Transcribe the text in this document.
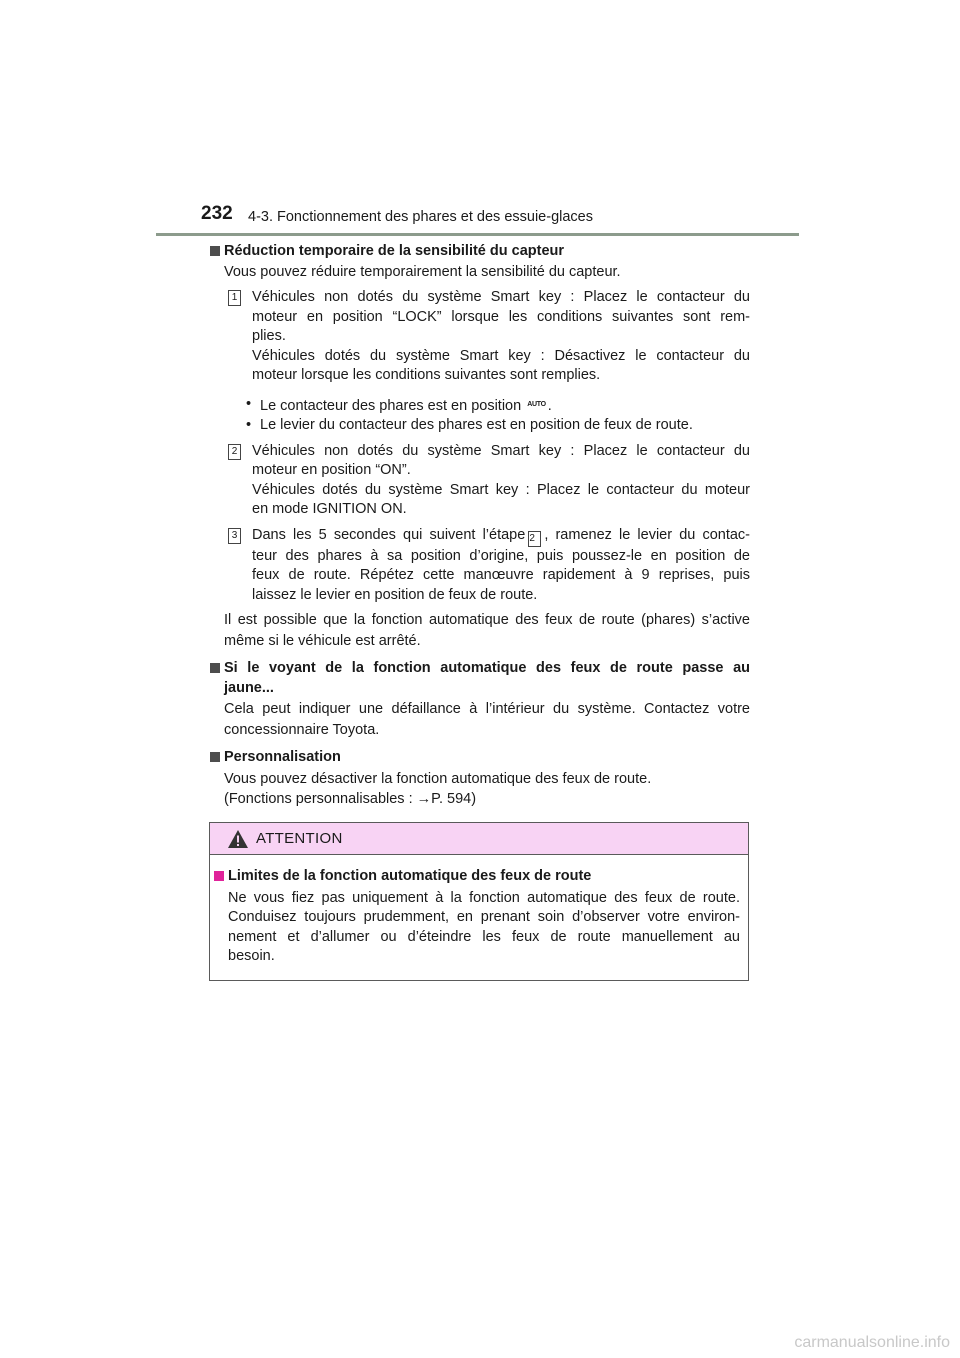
232 4-3. Fonctionnement des phares et des essuie-glaces
Réduction temporaire de la sensibilité du capteur
Vous pouvez réduire temporairement la sensibilité du capteur.
1 Véhicules non dotés du système Smart key : Placez le contacteur du
moteur en position “LOCK” lorsque les conditions suivantes sont rem-
plies.
Véhicules dotés du système Smart key : Désactivez le contacteur du
moteur lorsque les conditions suivantes sont remplies.
• Le contacteur des phares est en position AUTO .
• Le levier du contacteur des phares est en position de feux de route.
2 Véhicules non dotés du système Smart key : Placez le contacteur du
moteur en position “ON”.
Véhicules dotés du système Smart key : Placez le contacteur du moteur
en mode IGNITION ON.
3 Dans les 5 secondes qui suivent l’étape 2 , ramenez le levier du contac-
teur des phares à sa position d’origine, puis poussez-le en position de
feux de route. Répétez cette manœuvre rapidement à 9 reprises, puis
laissez le levier en position de feux de route.
Il est possible que la fonction automatique des feux de route (phares) s’active
même si le véhicule est arrêté.
Si le voyant de la fonction automatique des feux de route passe au
jaune...
Cela peut indiquer une défaillance à l’intérieur du système. Contactez votre
concessionnaire Toyota.
Personnalisation
Vous pouvez désactiver la fonction automatique des feux de route.
(Fonctions personnalisables : →P. 594)
ATTENTION
Limites de la fonction automatique des feux de route
Ne vous fiez pas uniquement à la fonction automatique des feux de route.
Conduisez toujours prudemment, en prenant soin d’observer votre environ-
nement et d’allumer ou d’éteindre les feux de route manuellement au
besoin.
carmanualsonline.info
